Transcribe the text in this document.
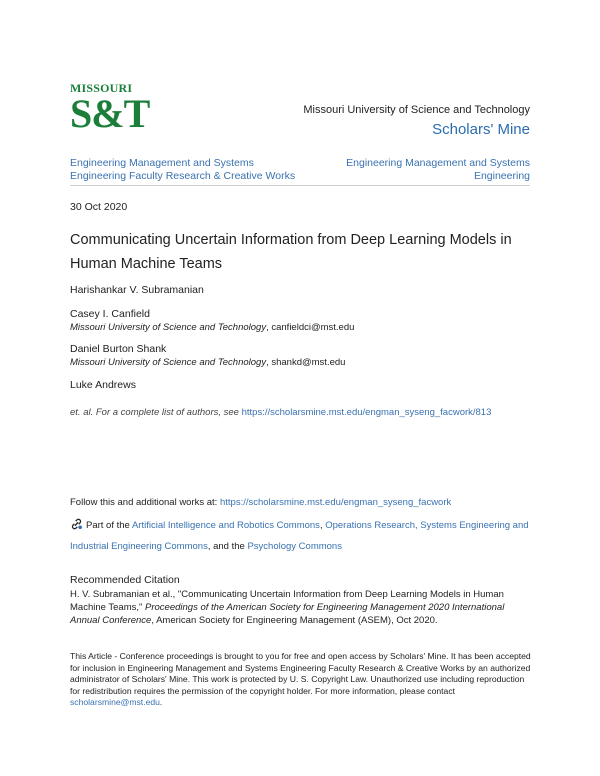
MISSOURI
S&T	Missouri University of Science and Technology
Scholars' Mine
Engineering Management and Systems
Engineering Faculty Research & Creative Works
Engineering Management and Systems
Engineering
30 Oct 2020
Communicating Uncertain Information from Deep Learning Models in Human Machine Teams
Harishankar V. Subramanian
Casey I. Canfield
Missouri University of Science and Technology, canfieldci@mst.edu
Daniel Burton Shank
Missouri University of Science and Technology, shankd@mst.edu
Luke Andrews
et. al. For a complete list of authors, see https://scholarsmine.mst.edu/engman_syseng_facwork/813
Follow this and additional works at: https://scholarsmine.mst.edu/engman_syseng_facwork
Part of the Artificial Intelligence and Robotics Commons, Operations Research, Systems Engineering and Industrial Engineering Commons, and the Psychology Commons
Recommended Citation
H. V. Subramanian et al., "Communicating Uncertain Information from Deep Learning Models in Human Machine Teams," Proceedings of the American Society for Engineering Management 2020 International Annual Conference, American Society for Engineering Management (ASEM), Oct 2020.
This Article - Conference proceedings is brought to you for free and open access by Scholars' Mine. It has been accepted for inclusion in Engineering Management and Systems Engineering Faculty Research & Creative Works by an authorized administrator of Scholars' Mine. This work is protected by U. S. Copyright Law. Unauthorized use including reproduction for redistribution requires the permission of the copyright holder. For more information, please contact scholarsmine@mst.edu.
